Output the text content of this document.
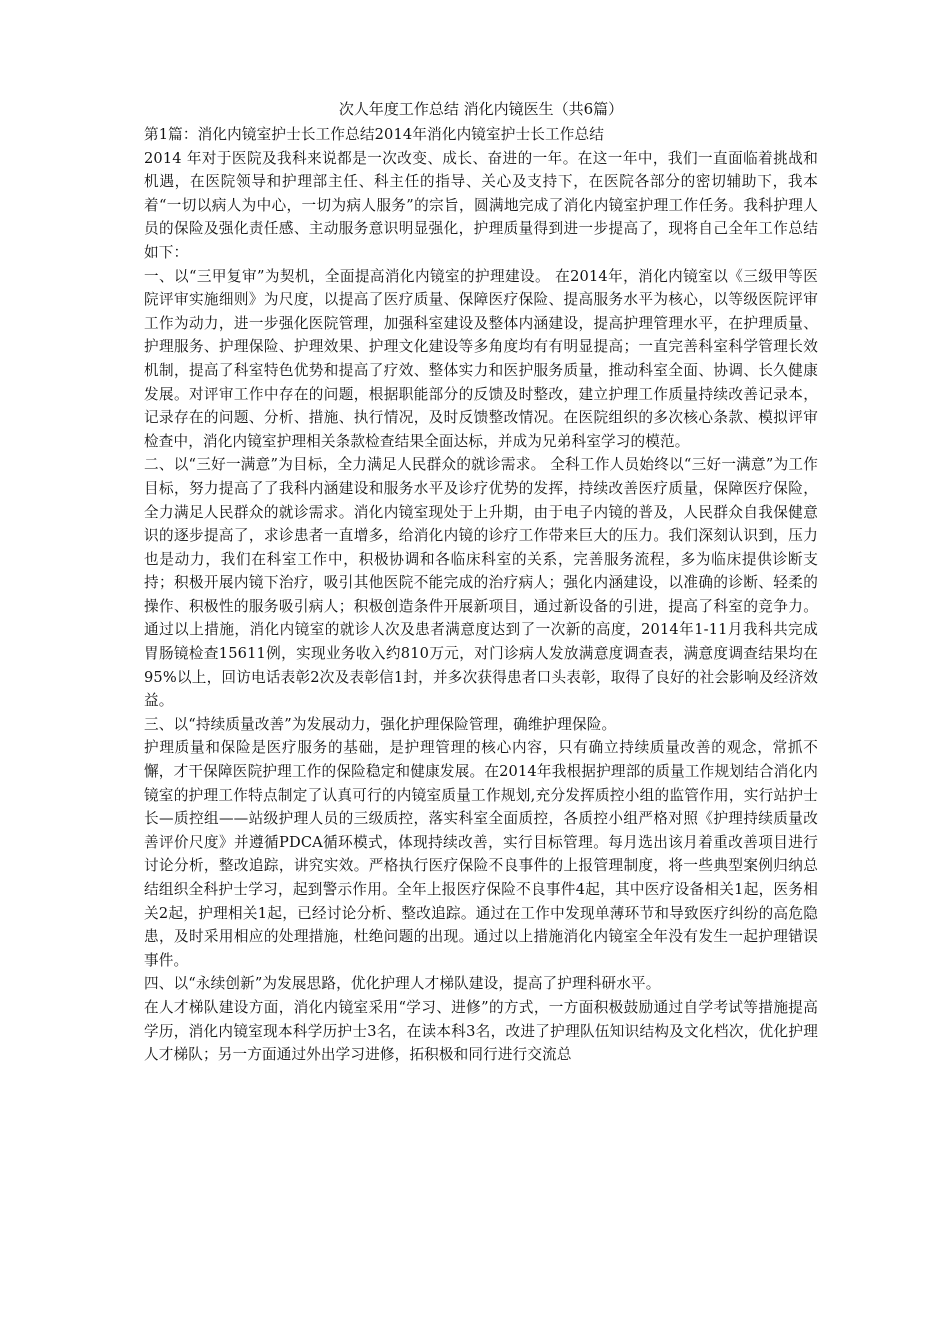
次人年度工作总结 消化内镜医生（共6篇）

第1篇：消化内镜室护士长工作总结2014年消化内镜室护士长工作总结

2014 年对于医院及我科来说都是一次改变、成长、奋进的一年。在这一年中，我们一直面临着挑战和机遇，在医院领导和护理部主任、科主任的指导、关心及支持下，在医院各部分的密切辅助下，我本着“一切以病人为中心，一切为病人服务”的宗旨，圆满地完成了消化内镜室护理工作任务。我科护理人员的保险及强化责任感、主动服务意识明显强化，护理质量得到进一步提高了，现将自己全年工作总结如下：

一、以“三甲复审”为契机，全面提高消化内镜室的护理建设。 在2014年，消化内镜室以《三级甲等医院评审实施细则》为尺度，以提高了医疗质量、保障医疗保险、提高服务水平为核心，以等级医院评审工作为动力，进一步强化医院管理，加强科室建设及整体内涵建设，提高护理管理水平，在护理质量、护理服务、护理保险、护理效果、护理文化建设等多角度均有有明显提高；一直完善科室科学管理长效机制，提高了科室特色优势和提高了疗效、整体实力和医护服务质量，推动科室全面、协调、长久健康发展。对评审工作中存在的问题，根据职能部分的反馈及时整改，建立护理工作质量持续改善记录本，记录存在的问题、分析、措施、执行情况，及时反馈整改情况。在医院组织的多次核心条款、模拟评审检查中，消化内镜室护理相关条款检查结果全面达标，并成为兄弟科室学习的模范。

二、以“三好一满意”为目标，全力满足人民群众的就诊需求。 全科工作人员始终以“三好一满意”为工作目标，努力提高了了我科内涵建设和服务水平及诊疗优势的发挥，持续改善医疗质量，保障医疗保险，全力满足人民群众的就诊需求。消化内镜室现处于上升期，由于电子内镜的普及，人民群众自我保健意识的逐步提高了，求诊患者一直增多，给消化内镜的诊疗工作带来巨大的压力。我们深刻认识到，压力也是动力，我们在科室工作中，积极协调和各临床科室的关系，完善服务流程，多为临床提供诊断支持；积极开展内镜下治疗，吸引其他医院不能完成的治疗病人；强化内涵建设，以准确的诊断、轻柔的操作、积极性的服务吸引病人；积极创造条件开展新项目，通过新设备的引进，提高了科室的竞争力。通过以上措施，消化内镜室的就诊人次及患者满意度达到了一次新的高度，2014年1-11月我科共完成胃肠镜检查15611例，实现业务收入约810万元，对门诊病人发放满意度调查表，满意度调查结果均在95%以上，回访电话表彰2次及表彰信1封，并多次获得患者口头表彰，取得了良好的社会影响及经济效益。

三、以“持续质量改善”为发展动力，强化护理保险管理，确维护理保险。

护理质量和保险是医疗服务的基础，是护理管理的核心内容，只有确立持续质量改善的观念，常抓不懈，才干保障医院护理工作的保险稳定和健康发展。在2014年我根据护理部的质量工作规划结合消化内镜室的护理工作特点制定了认真可行的内镜室质量工作规划,充分发挥质控小组的监管作用，实行站护士长—质控组——站级护理人员的三级质控，落实科室全面质控，各质控小组严格对照《护理持续质量改善评价尺度》并遵循PDCA循环模式，体现持续改善，实行目标管理。每月选出该月着重改善项目进行讨论分析，整改追踪，讲究实效。严格执行医疗保险不良事件的上报管理制度，将一些典型案例归纳总结组织全科护士学习，起到警示作用。全年上报医疗保险不良事件4起，其中医疗设备相关1起，医务相关2起，护理相关1起，已经讨论分析、整改追踪。通过在工作中发现单薄环节和导致医疗纠纷的高危隐患，及时采用相应的处理措施，杜绝问题的出现。通过以上措施消化内镜室全年没有发生一起护理错误事件。

四、以“永续创新”为发展思路，优化护理人才梯队建设，提高了护理科研水平。

在人才梯队建设方面，消化内镜室采用“学习、进修”的方式，一方面积极鼓励通过自学考试等措施提高学历，消化内镜室现本科学历护士3名，在读本科3名，改进了护理队伍知识结构及文化档次，优化护理人才梯队；另一方面通过外出学习进修，拓积极和同行进行交流总
